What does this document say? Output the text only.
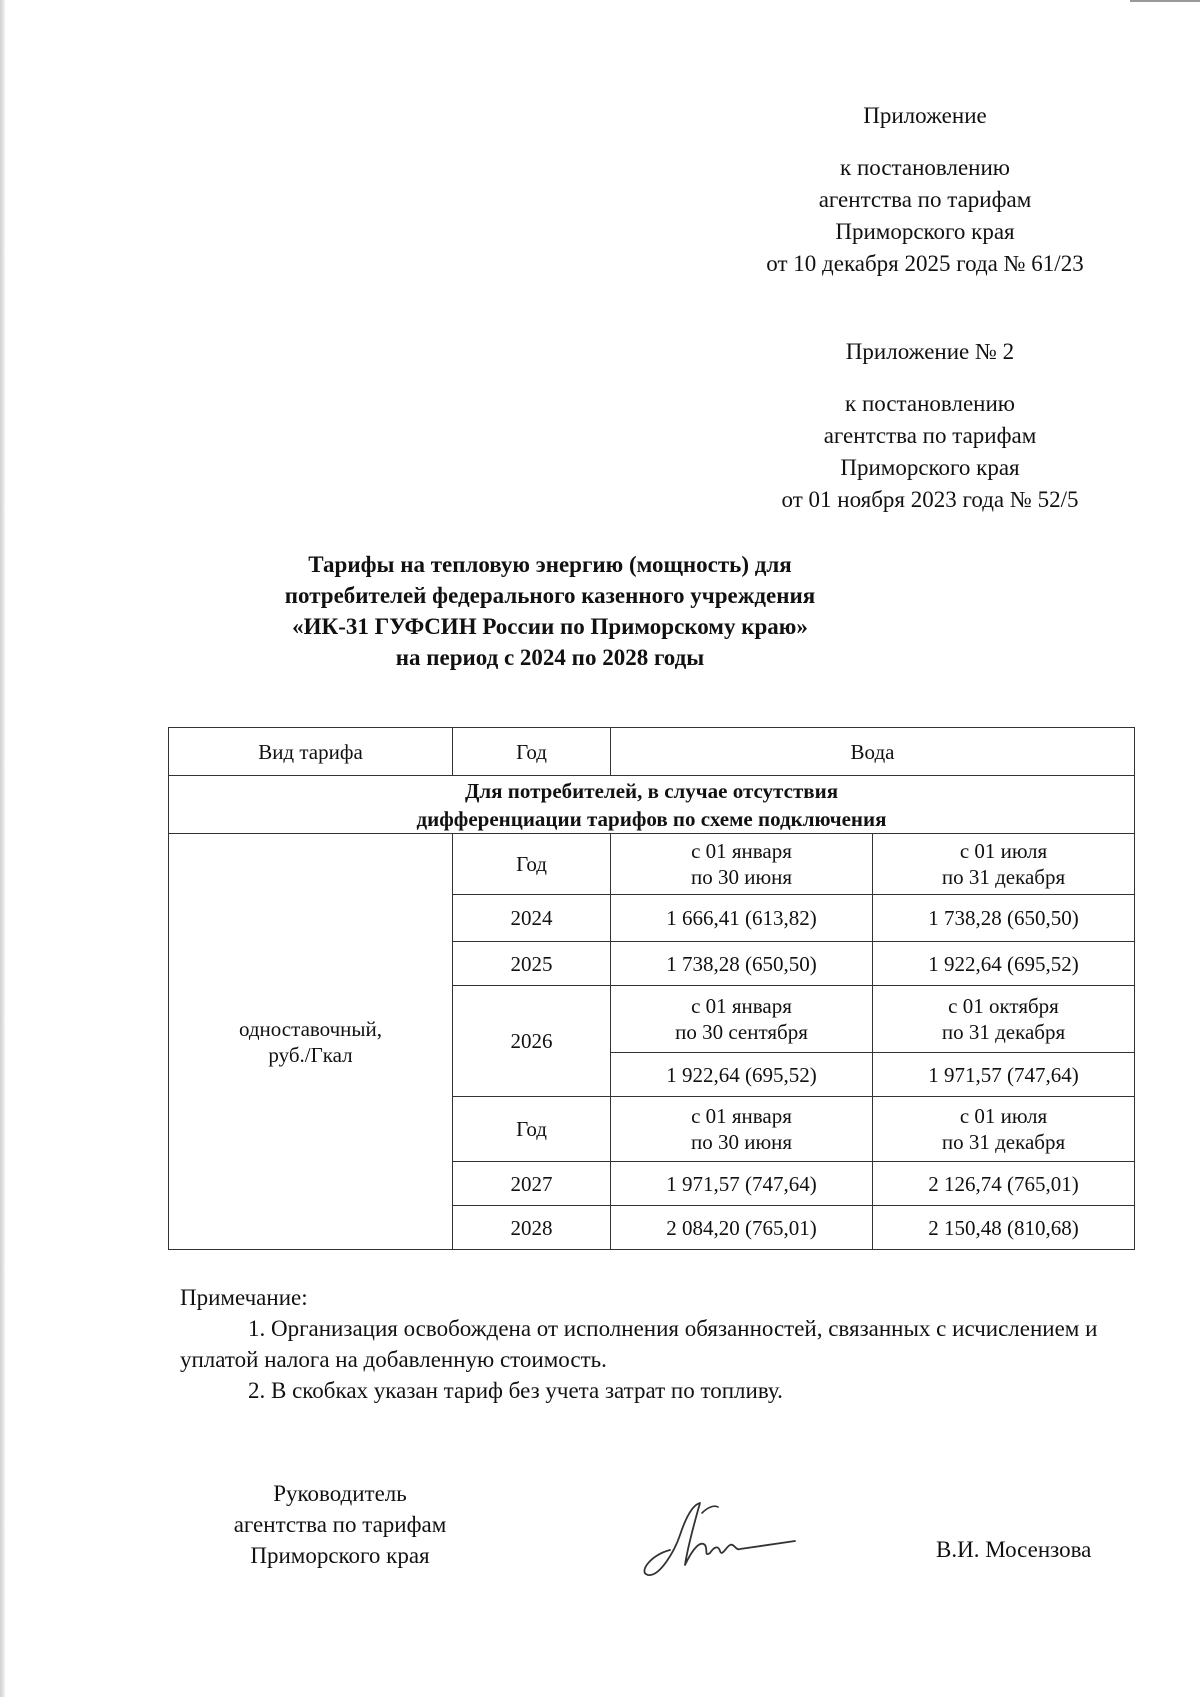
Приложение

к постановлению

агентства по тарифам

Приморского края

от 10 декабря 2025 года № 61/23

Приложение № 2

к постановлению

агентства по тарифам

Приморского края

от 01 ноября 2023 года № 52/5

Тарифы на тепловую энергию (мощность) для

потребителей федерального казенного учреждения

«ИК-31 ГУФСИН России по Приморскому краю»

на период с 2024 по 2028 годы

Вид тарифа	Год	Вода	

Для потребителей, в случае отсутствия
дифференциации тарифов по схеме подключения			

одноставочный,
руб./Гкал	Год	с 01 января
по 30 июня	с 01 июля
по 31 декабря

	2024	1 666,41 (613,82)	1 738,28 (650,50)
	2025	1 738,28 (650,50)	1 922,64 (695,52)
	2026	с 01 января
по 30 сентября	с 01 октября
по 31 декабря

		1 922,64 (695,52)	1 971,57 (747,64)
	Год	с 01 января
по 30 июня	с 01 июля
по 31 декабря

	2027	1 971,57 (747,64)	2 126,74 (765,01)
	2028	2 084,20 (765,01)	2 150,48 (810,68)

Примечание:

1. Организация освобождена от исполнения обязанностей, связанных с исчислением и уплатой налога на добавленную стоимость.

2. В скобках указан тариф без учета затрат по топливу.

Руководитель

агентства по тарифам

Приморского края	В.И. Мосензова
